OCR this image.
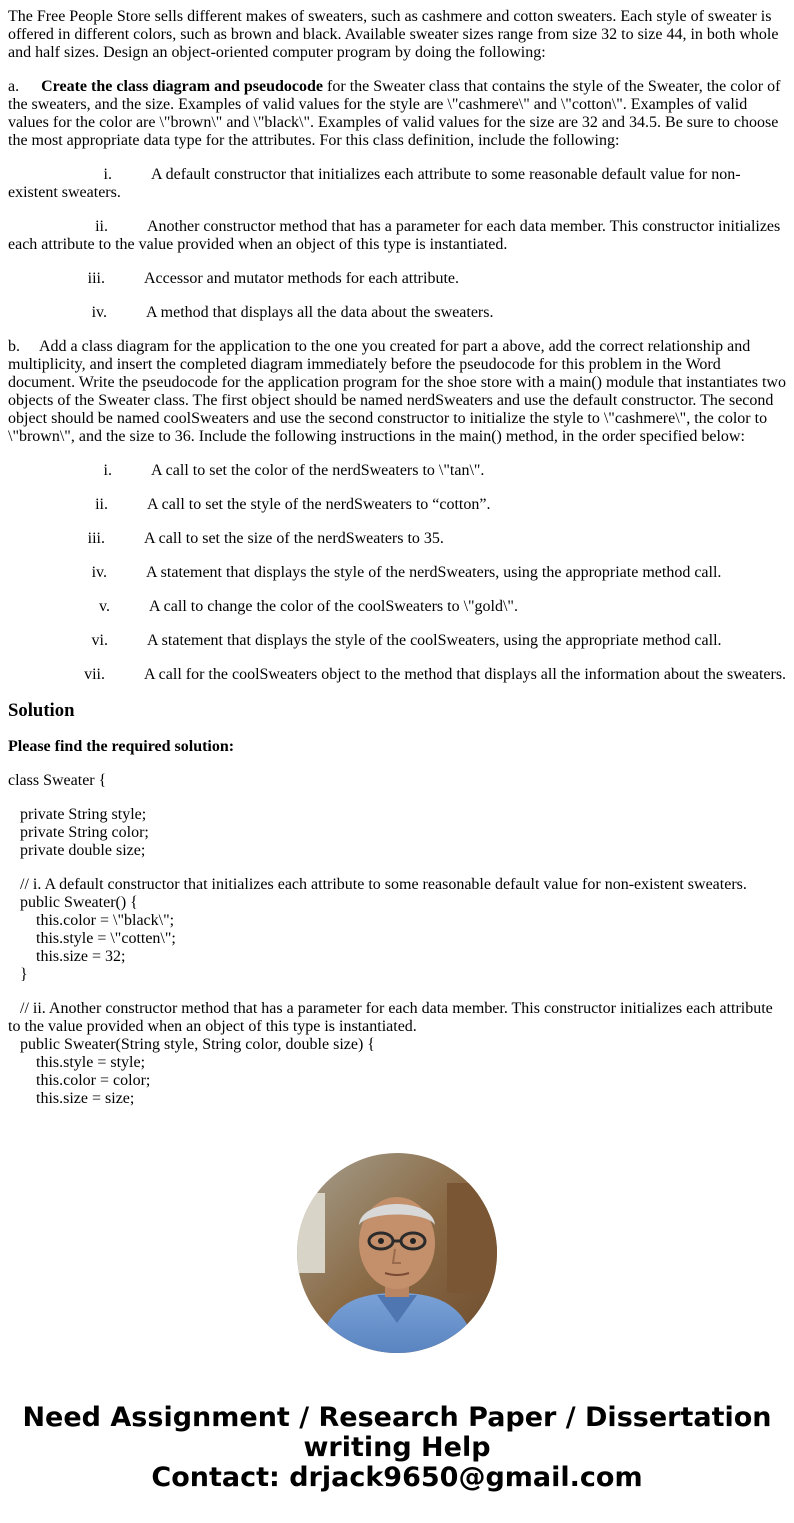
The Free People Store sells different makes of sweaters, such as cashmere and cotton sweaters. Each style of sweater is offered in different colors, such as brown and black. Available sweater sizes range from size 32 to size 44, in both whole and half sizes. Design an object-oriented computer program by doing the following:

a. Create the class diagram and pseudocode for the Sweater class that contains the style of the Sweater, the color of the sweaters, and the size. Examples of valid values for the style are \"cashmere\" and \"cotton\". Examples of valid values for the color are \"brown\" and \"black\". Examples of valid values for the size are 32 and 34.5. Be sure to choose the most appropriate data type for the attributes. For this class definition, include the following:

i. A default constructor that initializes each attribute to some reasonable default value for non-existent sweaters.
ii. Another constructor method that has a parameter for each data member. This constructor initializes each attribute to the value provided when an object of this type is instantiated.
iii. Accessor and mutator methods for each attribute.
iv. A method that displays all the data about the sweaters.

b. Add a class diagram for the application to the one you created for part a above, add the correct relationship and multiplicity, and insert the completed diagram immediately before the pseudocode for this problem in the Word document. Write the pseudocode for the application program for the shoe store with a main() module that instantiates two objects of the Sweater class. The first object should be named nerdSweaters and use the default constructor. The second object should be named coolSweaters and use the second constructor to initialize the style to \"cashmere\", the color to \"brown\", and the size to 36. Include the following instructions in the main() method, in the order specified below:

i. A call to set the color of the nerdSweaters to \"tan\".
ii. A call to set the style of the nerdSweaters to “cotton”.
iii. A call to set the size of the nerdSweaters to 35.
iv. A statement that displays the style of the nerdSweaters, using the appropriate method call.
v. A call to change the color of the coolSweaters to \"gold\".
vi. A statement that displays the style of the coolSweaters, using the appropriate method call.
vii. A call for the coolSweaters object to the method that displays all the information about the sweaters.
Solution

Please find the required solution:

class Sweater {

private String style;
private String color;
private double size;
// i. A default constructor that initializes each attribute to some reasonable default value for non-existent sweaters.
public Sweater() {
this.color = \"black\";
this.style = \"cotten\";
this.size = 32;
}
// ii. Another constructor method that has a parameter for each data member. This constructor initializes each attribute to the value provided when an object of this type is instantiated.
public Sweater(String style, String color, double size) {
this.style = style;
this.color = color;
this.size = size;
Need Assignment / Research Paper / Dissertation
writing Help
Contact: drjack9650@gmail.com
